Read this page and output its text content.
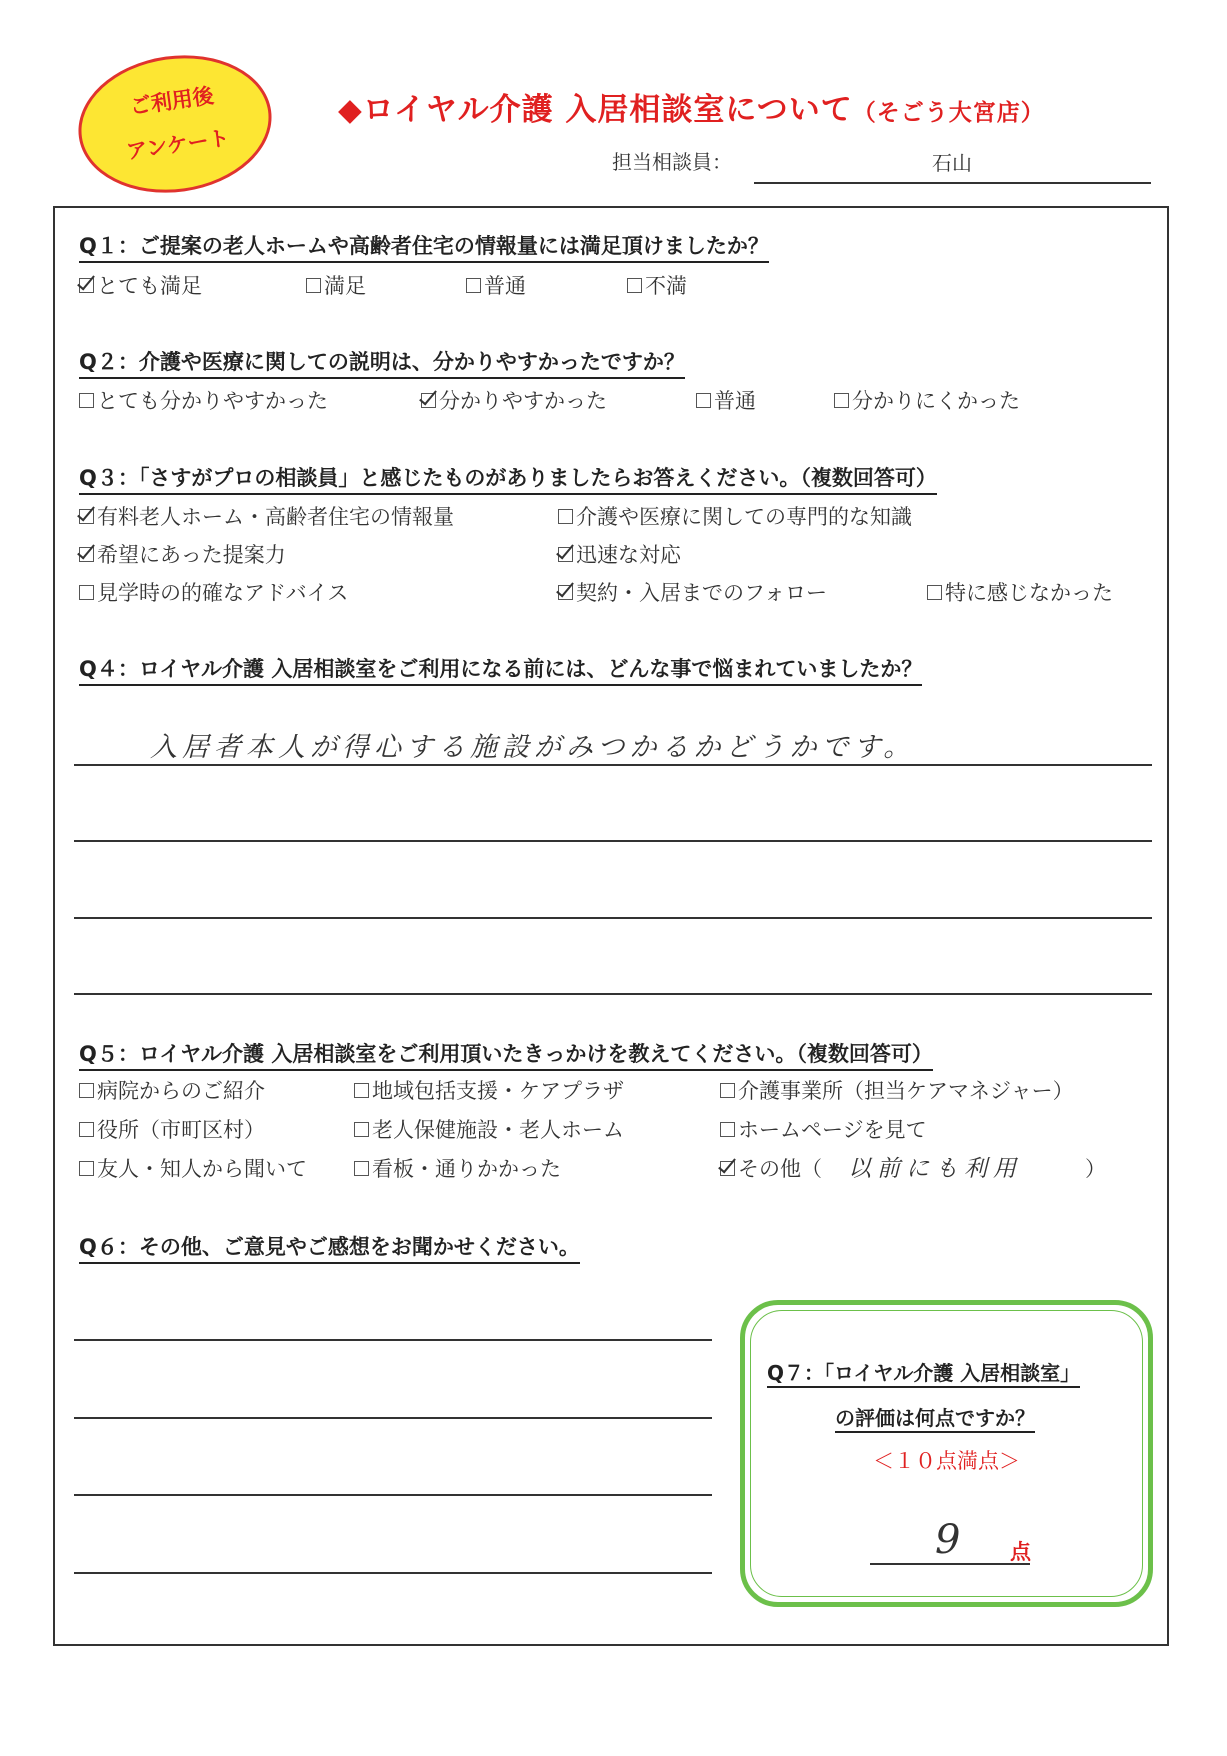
ご利用後
アンケート
◆ロイヤル介護 入居相談室について（そごう大宮店）
担当相談員：	石山
Q１：ご提案の老人ホームや高齢者住宅の情報量には満足頂けましたか？
とても満足	満足	普通	不満
Q２：介護や医療に関しての説明は、分かりやすかったですか？
とても分かりやすかった	分かりやすかった	普通	分かりにくかった
Q３：「さすがプロの相談員」と感じたものがありましたらお答えください。（複数回答可）
有料老人ホーム・高齢者住宅の情報量	介護や医療に関しての専門的な知識
希望にあった提案力	迅速な対応
見学時の的確なアドバイス	契約・入居までのフォロー	特に感じなかった
Q４：ロイヤル介護 入居相談室をご利用になる前には、どんな事で悩まれていましたか？
入居者本人が得心する施設がみつかるかどうかです。
Q５：ロイヤル介護 入居相談室をご利用頂いたきっかけを教えてください。（複数回答可）
病院からのご紹介	地域包括支援・ケアプラザ	介護事業所（担当ケアマネジャー）
役所（市町区村）	老人保健施設・老人ホーム	ホームページを見て
友人・知人から聞いて	看板・通りかかった	その他（ 以前にも利用	）
Q６：その他、ご意見やご感想をお聞かせください。
Q７：「ロイヤル介護 入居相談室」
の評価は何点ですか？
＜１０点満点＞
9 点
